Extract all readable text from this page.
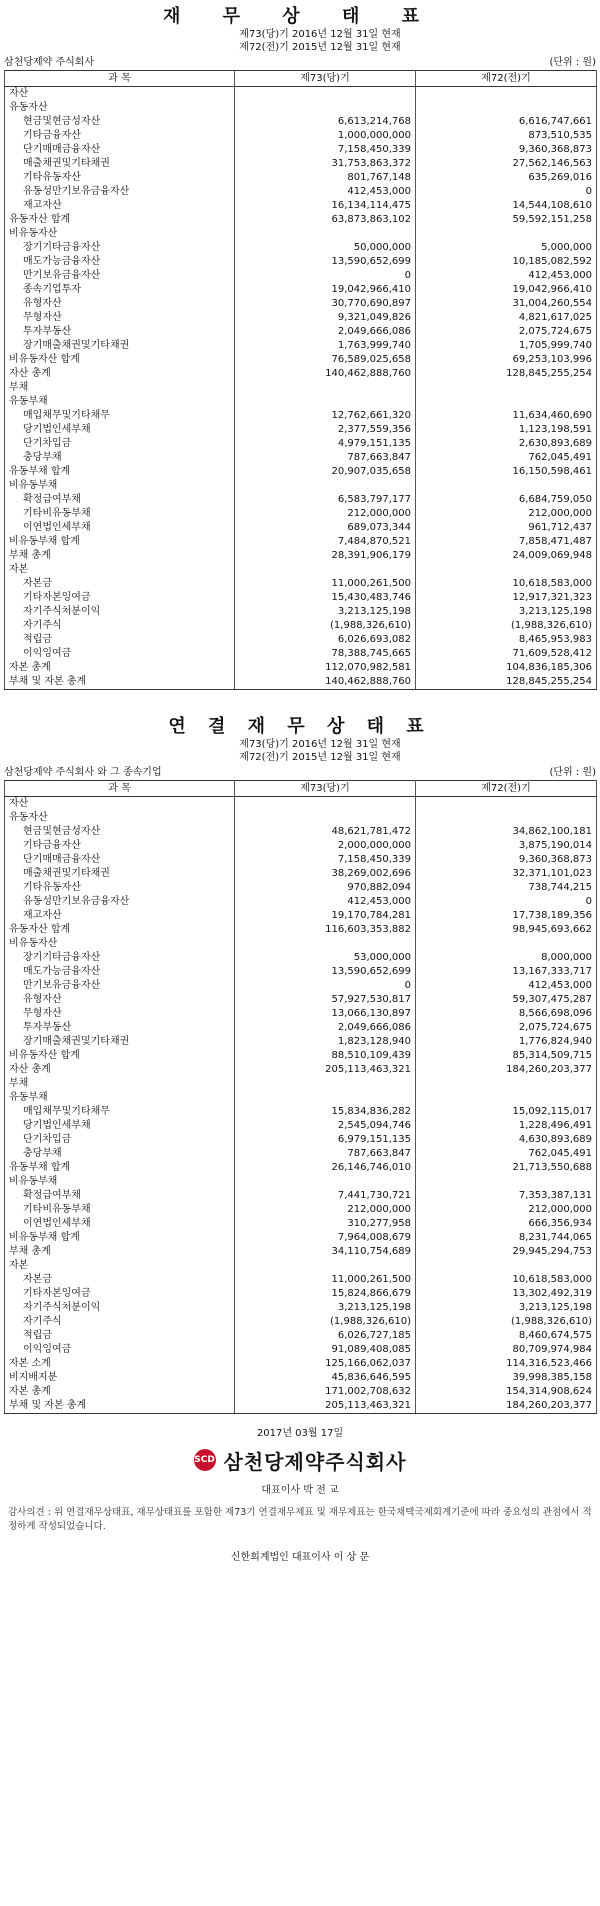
재 무 상 태 표
제73(당)기 2016년 12월 31일 현재
제72(전)기 2015년 12월 31일 현재
삼천당제약 주식회사	(단위 : 원)
과 목	제73(당)기	제72(전)기
자산		
유동자산		
현금및현금성자산	6,613,214,768	6,616,747,661
기타금융자산	1,000,000,000	873,510,535
단기매매금융자산	7,158,450,339	9,360,368,873
매출채권및기타채권	31,753,863,372	27,562,146,563
기타유동자산	801,767,148	635,269,016
유동성만기보유금융자산	412,453,000	0
재고자산	16,134,114,475	14,544,108,610
유동자산 합계	63,873,863,102	59,592,151,258
비유동자산		
장기기타금융자산	50,000,000	5,000,000
매도가능금융자산	13,590,652,699	10,185,082,592
만기보유금융자산	0	412,453,000
종속기업투자	19,042,966,410	19,042,966,410
유형자산	30,770,690,897	31,004,260,554
무형자산	9,321,049,826	4,821,617,025
투자부동산	2,049,666,086	2,075,724,675
장기매출채권및기타채권	1,763,999,740	1,705,999,740
비유동자산 합계	76,589,025,658	69,253,103,996
자산 총계	140,462,888,760	128,845,255,254
부채		
유동부채		
매입채무및기타채무	12,762,661,320	11,634,460,690
당기법인세부채	2,377,559,356	1,123,198,591
단기차입금	4,979,151,135	2,630,893,689
충당부채	787,663,847	762,045,491
유동부채 합계	20,907,035,658	16,150,598,461
비유동부채		
확정급여부채	6,583,797,177	6,684,759,050
기타비유동부채	212,000,000	212,000,000
이연법인세부채	689,073,344	961,712,437
비유동부채 합계	7,484,870,521	7,858,471,487
부채 총계	28,391,906,179	24,009,069,948
자본		
자본금	11,000,261,500	10,618,583,000
기타자본잉여금	15,430,483,746	12,917,321,323
자기주식처분이익	3,213,125,198	3,213,125,198
자기주식	(1,988,326,610)	(1,988,326,610)
적립금	6,026,693,082	8,465,953,983
이익잉여금	78,388,745,665	71,609,528,412
자본 총계	112,070,982,581	104,836,185,306
부채 및 자본 총계	140,462,888,760	128,845,255,254
연 결 재 무 상 태 표
제73(당)기 2016년 12월 31일 현재
제72(전)기 2015년 12월 31일 현재
삼천당제약 주식회사 와 그 종속기업	(단위 : 원)
과 목	제73(당)기	제72(전)기
자산		
유동자산		
현금및현금성자산	48,621,781,472	34,862,100,181
기타금융자산	2,000,000,000	3,875,190,014
단기매매금융자산	7,158,450,339	9,360,368,873
매출채권및기타채권	38,269,002,696	32,371,101,023
기타유동자산	970,882,094	738,744,215
유동성만기보유금융자산	412,453,000	0
재고자산	19,170,784,281	17,738,189,356
유동자산 합계	116,603,353,882	98,945,693,662
비유동자산		
장기기타금융자산	53,000,000	8,000,000
매도가능금융자산	13,590,652,699	13,167,333,717
만기보유금융자산	0	412,453,000
유형자산	57,927,530,817	59,307,475,287
무형자산	13,066,130,897	8,566,698,096
투자부동산	2,049,666,086	2,075,724,675
장기매출채권및기타채권	1,823,128,940	1,776,824,940
비유동자산 합계	88,510,109,439	85,314,509,715
자산 총계	205,113,463,321	184,260,203,377
부채		
유동부채		
매입채무및기타채무	15,834,836,282	15,092,115,017
당기법인세부채	2,545,094,746	1,228,496,491
단기차입금	6,979,151,135	4,630,893,689
충당부채	787,663,847	762,045,491
유동부채 합계	26,146,746,010	21,713,550,688
비유동부채		
확정급여부채	7,441,730,721	7,353,387,131
기타비유동부채	212,000,000	212,000,000
이연법인세부채	310,277,958	666,356,934
비유동부채 합계	7,964,008,679	8,231,744,065
부채 총계	34,110,754,689	29,945,294,753
자본		
자본금	11,000,261,500	10,618,583,000
기타자본잉여금	15,824,866,679	13,302,492,319
자기주식처분이익	3,213,125,198	3,213,125,198
자기주식	(1,988,326,610)	(1,988,326,610)
적립금	6,026,727,185	8,460,674,575
이익잉여금	91,089,408,085	80,709,974,984
자본 소계	125,166,062,037	114,316,523,466
비지배지분	45,836,646,595	39,998,385,158
자본 총계	171,002,708,632	154,314,908,624
부채 및 자본 총계	205,113,463,321	184,260,203,377
2017년 03월 17일
SCD 삼천당제약주식회사
대표이사 박 전 교
감사의견 : 위 연결재무상태표, 재무상태표를 포함한 제73기 연결재무제표 및 재무제표는 한국채택국제회계기준에 따라 중요성의 관점에서 적정하게 작성되었습니다.
신한회계법인 대표이사 이 상 문
